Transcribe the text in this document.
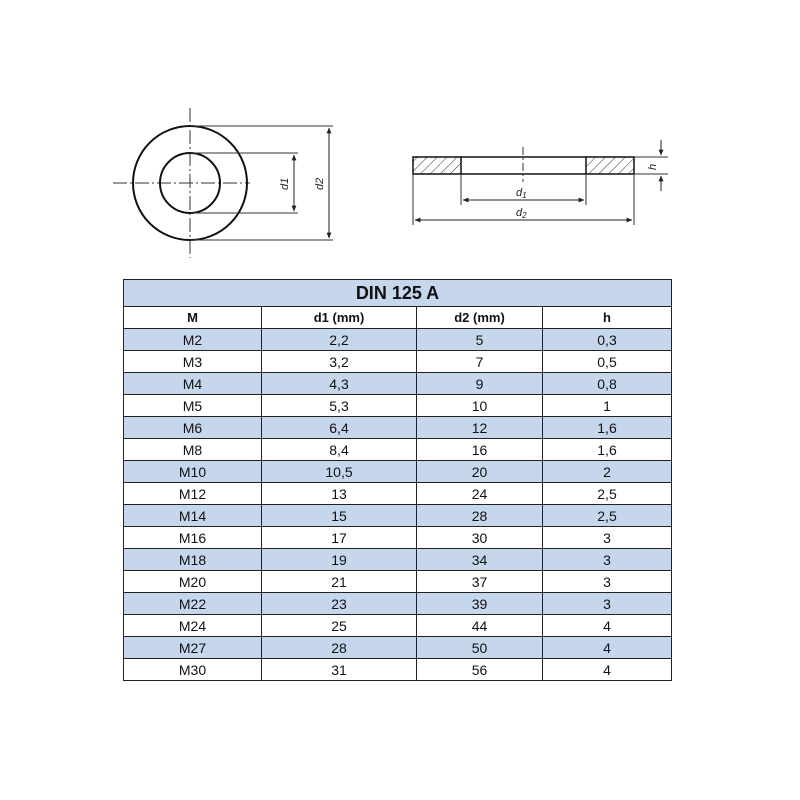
d1 d2
d1
d2
h
DIN 125 A			
M	d1 (mm)	d2 (mm)	h
M2	2,2	5	0,3
M3	3,2	7	0,5
M4	4,3	9	0,8
M5	5,3	10	1
M6	6,4	12	1,6
M8	8,4	16	1,6
M10	10,5	20	2
M12	13	24	2,5
M14	15	28	2,5
M16	17	30	3
M18	19	34	3
M20	21	37	3
M22	23	39	3
M24	25	44	4
M27	28	50	4
M30	31	56	4
